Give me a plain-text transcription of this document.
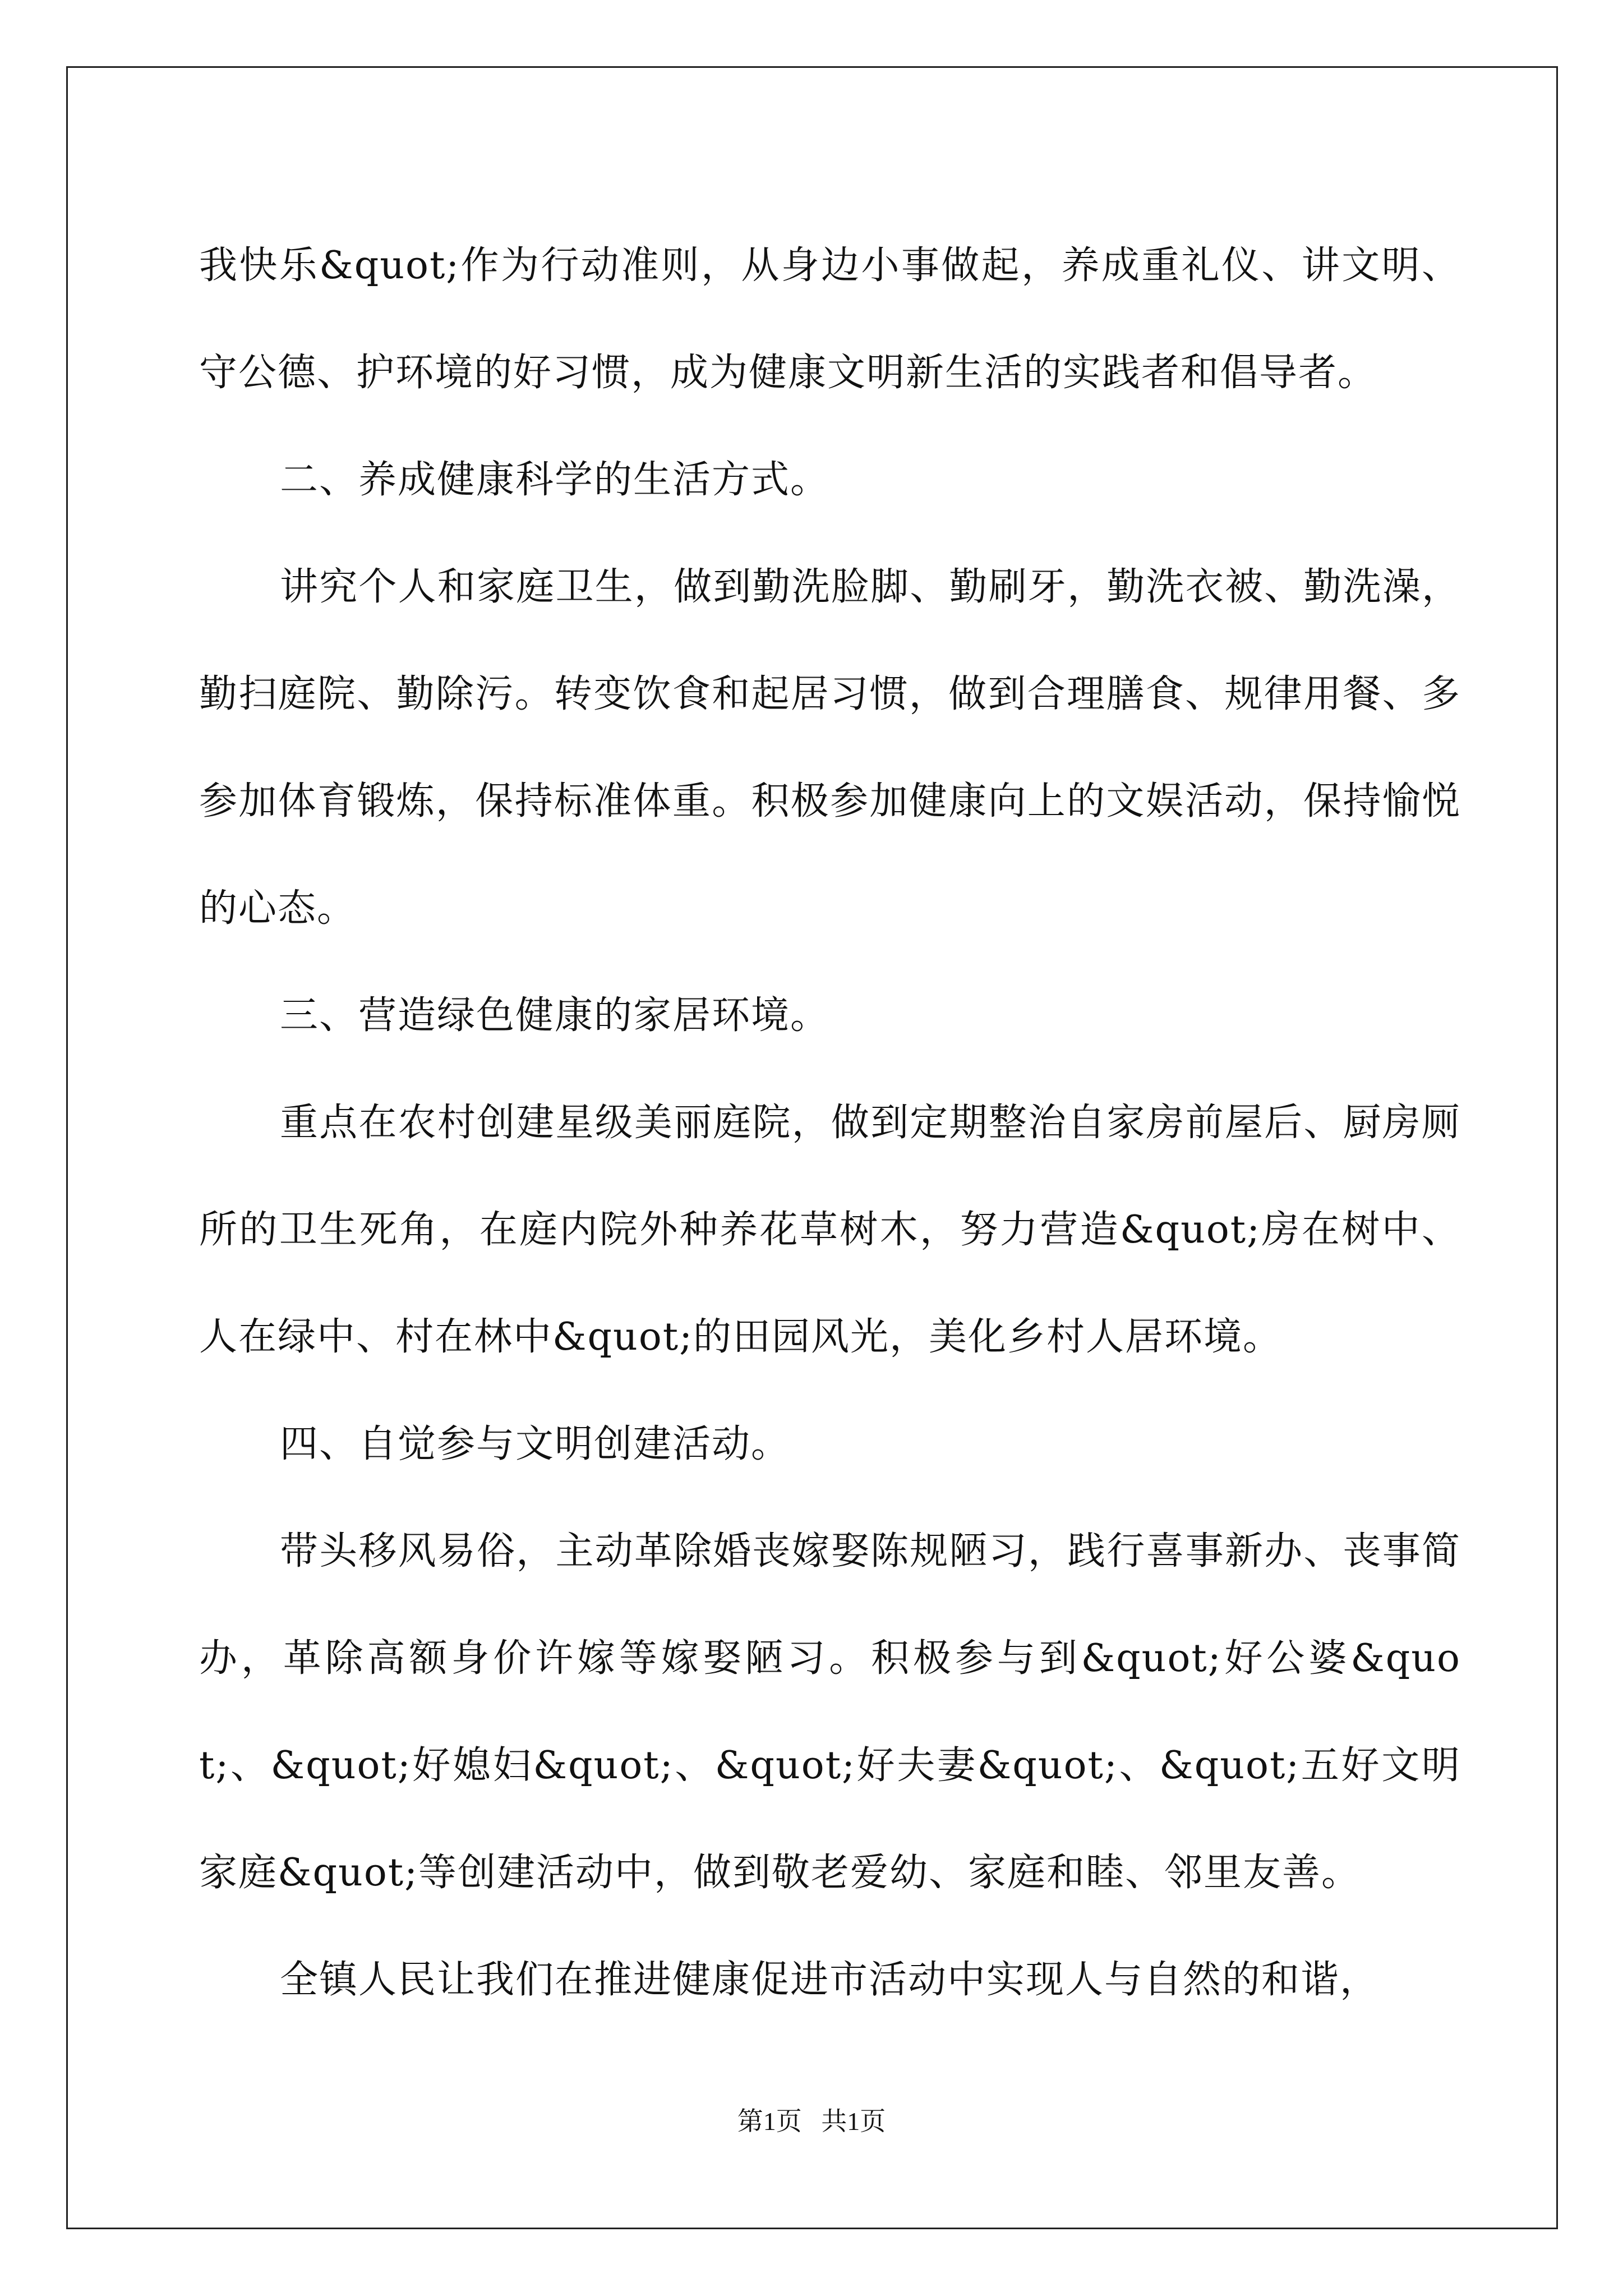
我快乐&quot;作为行动准则，从身边小事做起，养成重礼仪、讲文明、守公德、护环境的好习惯，成为健康文明新生活的实践者和倡导者。

二、养成健康科学的生活方式。

讲究个人和家庭卫生，做到勤洗脸脚、勤刷牙，勤洗衣被、勤洗澡，勤扫庭院、勤除污。转变饮食和起居习惯，做到合理膳食、规律用餐、多参加体育锻炼，保持标准体重。积极参加健康向上的文娱活动，保持愉悦的心态。

三、营造绿色健康的家居环境。

重点在农村创建星级美丽庭院，做到定期整治自家房前屋后、厨房厕所的卫生死角，在庭内院外种养花草树木，努力营造&quot;房在树中、人在绿中、村在林中&quot;的田园风光，美化乡村人居环境。

四、自觉参与文明创建活动。

带头移风易俗，主动革除婚丧嫁娶陈规陋习，践行喜事新办、丧事简办，革除高额身价许嫁等嫁娶陋习。积极参与到&quot;好公婆&quot;、&quot;好媳妇&quot;、&quot;好夫妻&quot;、&quot;五好文明家庭&quot;等创建活动中，做到敬老爱幼、家庭和睦、邻里友善。

全镇人民让我们在推进健康促进市活动中实现人与自然的和谐，

第1页 共1页
